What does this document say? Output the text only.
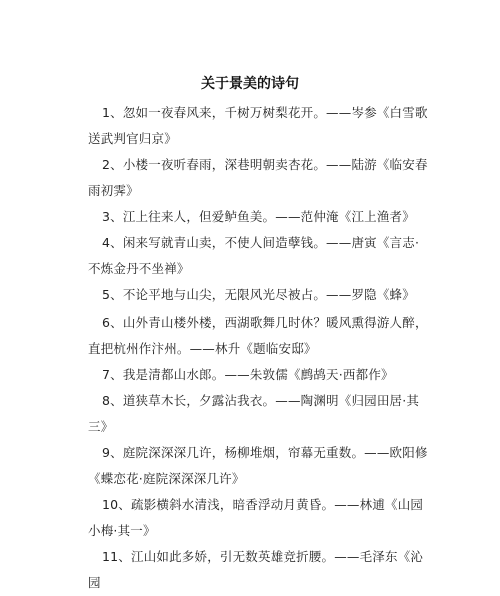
关于景美的诗句

1、忽如一夜春风来，千树万树梨花开。——岑参《白雪歌送武判官归京》

2、小楼一夜听春雨，深巷明朝卖杏花。——陆游《临安春雨初霁》

3、江上往来人，但爱鲈鱼美。——范仲淹《江上渔者》

4、闲来写就青山卖，不使人间造孽钱。——唐寅《言志·不炼金丹不坐禅》

5、不论平地与山尖，无限风光尽被占。——罗隐《蜂》

6、山外青山楼外楼，西湖歌舞几时休？暖风熏得游人醉，直把杭州作汴州。——林升《题临安邸》

7、我是清都山水郎。——朱敦儒《鹧鸪天·西都作》

8、道狭草木长，夕露沾我衣。——陶渊明《归园田居·其三》

9、庭院深深深几许，杨柳堆烟，帘幕无重数。——欧阳修《蝶恋花·庭院深深深几许》

10、疏影横斜水清浅，暗香浮动月黄昏。——林逋《山园小梅·其一》

11、江山如此多娇，引无数英雄竞折腰。——毛泽东《沁园
